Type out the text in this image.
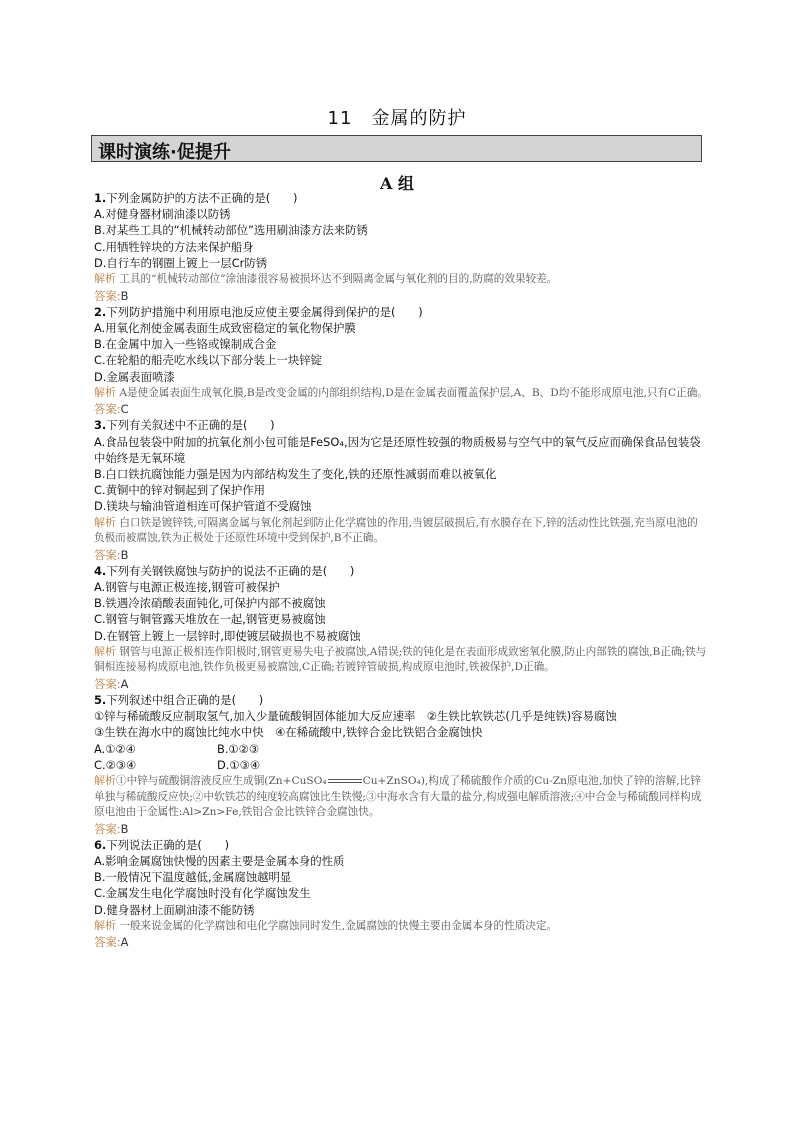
11　金属的防护
课时演练·促提升
A 组

1.下列金属防护的方法不正确的是(　　)

A.对健身器材刷油漆以防锈

B.对某些工具的“机械转动部位”选用刷油漆方法来防锈

C.用牺牲锌块的方法来保护船身

D.自行车的钢圈上镀上一层Cr防锈

解析 工具的“机械转动部位”涂油漆很容易被损坏达不到隔离金属与氧化剂的目的,防腐的效果较差。

答案:B

2.下列防护措施中利用原电池反应使主要金属得到保护的是(　　)

A.用氧化剂使金属表面生成致密稳定的氧化物保护膜

B.在金属中加入一些铬或镍制成合金

C.在轮船的船壳吃水线以下部分装上一块锌锭

D.金属表面喷漆

解析 A是使金属表面生成氧化膜,B是改变金属的内部组织结构,D是在金属表面覆盖保护层,A、B、D均不能形成原电池,只有C正确。

答案:C

3.下列有关叙述中不正确的是(　　)

A.食品包装袋中附加的抗氧化剂小包可能是FeSO₄,因为它是还原性较强的物质极易与空气中的氧气反应而确保食品包装袋中始终是无氧环境

B.白口铁抗腐蚀能力强是因为内部结构发生了变化,铁的还原性减弱而难以被氧化

C.黄铜中的锌对铜起到了保护作用

D.镁块与输油管道相连可保护管道不受腐蚀

解析 白口铁是镀锌铁,可隔离金属与氧化剂起到防止化学腐蚀的作用,当镀层破损后,有水膜存在下,锌的活动性比铁强,充当原电池的负极而被腐蚀,铁为正极处于还原性环境中受到保护,B不正确。

答案:B

4.下列有关钢铁腐蚀与防护的说法不正确的是(　　)

A.钢管与电源正极连接,钢管可被保护

B.铁遇冷浓硝酸表面钝化,可保护内部不被腐蚀

C.钢管与铜管露天堆放在一起,钢管更易被腐蚀

D.在钢管上镀上一层锌时,即使镀层破损也不易被腐蚀

解析 钢管与电源正极相连作阳极时,钢管更易失电子被腐蚀,A错误;铁的钝化是在表面形成致密氧化膜,防止内部铁的腐蚀,B正确;铁与铜相连接易构成原电池,铁作负极更易被腐蚀,C正确;若镀锌管破损,构成原电池时,铁被保护,D正确。

答案:A

5.下列叙述中组合正确的是(　　)

①锌与稀硫酸反应制取氢气,加入少量硫酸铜固体能加大反应速率　②生铁比软铁芯(几乎是纯铁)容易腐蚀

③生铁在海水中的腐蚀比纯水中快　④在稀硫酸中,铁锌合金比铁铝合金腐蚀快

A.①②④	B.①②③

C.②③④	D.①③④

解析①中锌与硫酸铜溶液反应生成铜(Zn+CuSO₄	Cu+ZnSO₄),构成了稀硫酸作介质的Cu-Zn原电池,加快了锌的溶解,比锌单独与稀硫酸反应快;②中软铁芯的纯度较高腐蚀比生铁慢;③中海水含有大量的盐分,构成强电解质溶液;④中合金与稀硫酸同样构成原电池由于金属性:Al>Zn>Fe,铁铝合金比铁锌合金腐蚀快。

答案:B

6.下列说法正确的是(　　)

A.影响金属腐蚀快慢的因素主要是金属本身的性质

B.一般情况下温度越低,金属腐蚀越明显

C.金属发生电化学腐蚀时没有化学腐蚀发生

D.健身器材上面刷油漆不能防锈

解析 一般来说金属的化学腐蚀和电化学腐蚀同时发生,金属腐蚀的快慢主要由金属本身的性质决定。

答案:A
